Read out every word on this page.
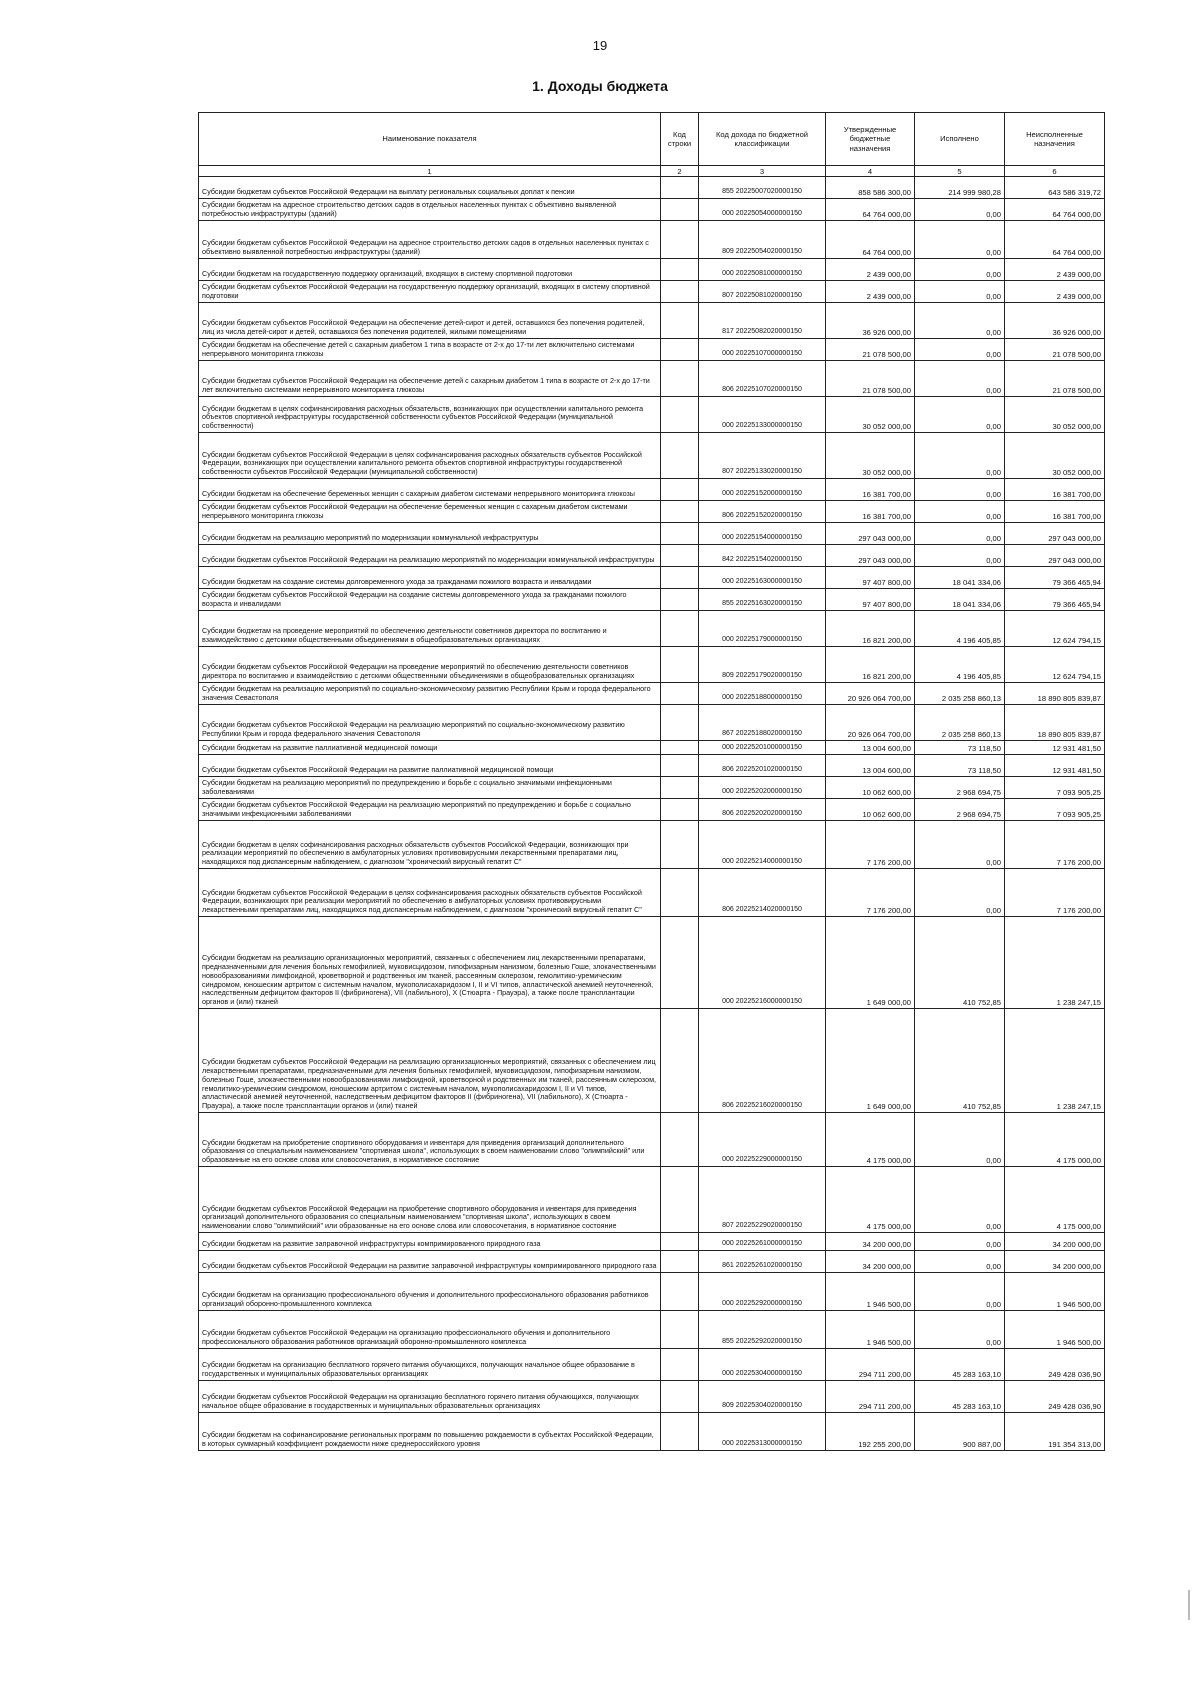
19
1. Доходы бюджета
Наименование показателя	Код строки	Код дохода по бюджетной классификации	Утвержденные бюджетные назначения	Исполнено	Неисполненные назначения
1	2	3	4	5	6
Субсидии бюджетам субъектов Российской Федерации на выплату региональных социальных доплат к пенсии		855 20225007020000150	858 586 300,00	214 999 980,28	643 586 319,72
Субсидии бюджетам на адресное строительство детских садов в отдельных населенных пунктах с объективно выявленной потребностью инфраструктуры (зданий)		000 20225054000000150	64 764 000,00	0,00	64 764 000,00
Субсидии бюджетам субъектов Российской Федерации на адресное строительство детских садов в отдельных населенных пунктах с объективно выявленной потребностью инфраструктуры (зданий)		809 20225054020000150	64 764 000,00	0,00	64 764 000,00
Субсидии бюджетам на государственную поддержку организаций, входящих в систему спортивной подготовки		000 20225081000000150	2 439 000,00	0,00	2 439 000,00
Субсидии бюджетам субъектов Российской Федерации на государственную поддержку организаций, входящих в систему спортивной подготовки		807 20225081020000150	2 439 000,00	0,00	2 439 000,00
Субсидии бюджетам субъектов Российской Федерации на обеспечение детей-сирот и детей, оставшихся без попечения родителей, лиц из числа детей-сирот и детей, оставшихся без попечения родителей, жилыми помещениями		817 20225082020000150	36 926 000,00	0,00	36 926 000,00
Субсидии бюджетам на обеспечение детей с сахарным диабетом 1 типа в возрасте от 2-х до 17-ти лет включительно системами непрерывного мониторинга глюкозы		000 20225107000000150	21 078 500,00	0,00	21 078 500,00
Субсидии бюджетам субъектов Российской Федерации на обеспечение детей с сахарным диабетом 1 типа в возрасте от 2-х до 17-ти лет включительно системами непрерывного мониторинга глюкозы		806 20225107020000150	21 078 500,00	0,00	21 078 500,00
Субсидии бюджетам в целях софинансирования расходных обязательств, возникающих при осуществлении капитального ремонта объектов спортивной инфраструктуры государственной собственности субъектов Российской Федерации (муниципальной собственности)		000 20225133000000150	30 052 000,00	0,00	30 052 000,00
Субсидии бюджетам субъектов Российской Федерации в целях софинансирования расходных обязательств субъектов Российской Федерации, возникающих при осуществлении капитального ремонта объектов спортивной инфраструктуры государственной собственности субъектов Российской Федерации (муниципальной собственности)		807 20225133020000150	30 052 000,00	0,00	30 052 000,00
Субсидии бюджетам на обеспечение беременных женщин с сахарным диабетом системами непрерывного мониторинга глюкозы		000 20225152000000150	16 381 700,00	0,00	16 381 700,00
Субсидии бюджетам субъектов Российской Федерации на обеспечение беременных женщин с сахарным диабетом системами непрерывного мониторинга глюкозы		806 20225152020000150	16 381 700,00	0,00	16 381 700,00
Субсидии бюджетам на реализацию мероприятий по модернизации коммунальной инфраструктуры		000 20225154000000150	297 043 000,00	0,00	297 043 000,00
Субсидии бюджетам субъектов Российской Федерации на реализацию мероприятий по модернизации коммунальной инфраструктуры		842 20225154020000150	297 043 000,00	0,00	297 043 000,00
Субсидии бюджетам на создание системы долговременного ухода за гражданами пожилого возраста и инвалидами		000 20225163000000150	97 407 800,00	18 041 334,06	79 366 465,94
Субсидии бюджетам субъектов Российской Федерации на создание системы долговременного ухода за гражданами пожилого возраста и инвалидами		855 20225163020000150	97 407 800,00	18 041 334,06	79 366 465,94
Субсидии бюджетам на проведение мероприятий по обеспечению деятельности советников директора по воспитанию и взаимодействию с детскими общественными объединениями в общеобразовательных организациях		000 20225179000000150	16 821 200,00	4 196 405,85	12 624 794,15
Субсидии бюджетам субъектов Российской Федерации на проведение мероприятий по обеспечению деятельности советников директора по воспитанию и взаимодействию с детскими общественными объединениями в общеобразовательных организациях		809 20225179020000150	16 821 200,00	4 196 405,85	12 624 794,15
Субсидии бюджетам на реализацию мероприятий по социально-экономическому развитию Республики Крым и города федерального значения Севастополя		000 20225188000000150	20 926 064 700,00	2 035 258 860,13	18 890 805 839,87
Субсидии бюджетам субъектов Российской Федерации на реализацию мероприятий по социально-экономическому развитию Республики Крым и города федерального значения Севастополя		867 20225188020000150	20 926 064 700,00	2 035 258 860,13	18 890 805 839,87
Субсидии бюджетам на развитие паллиативной медицинской помощи		000 20225201000000150	13 004 600,00	73 118,50	12 931 481,50
Субсидии бюджетам субъектов Российской Федерации на развитие паллиативной медицинской помощи		806 20225201020000150	13 004 600,00	73 118,50	12 931 481,50
Субсидии бюджетам на реализацию мероприятий по предупреждению и борьбе с социально значимыми инфекционными заболеваниями		000 20225202000000150	10 062 600,00	2 968 694,75	7 093 905,25
Субсидии бюджетам субъектов Российской Федерации на реализацию мероприятий по предупреждению и борьбе с социально значимыми инфекционными заболеваниями		806 20225202020000150	10 062 600,00	2 968 694,75	7 093 905,25
Субсидии бюджетам в целях софинансирования расходных обязательств субъектов Российской Федерации, возникающих при реализации мероприятий по обеспечению в амбулаторных условиях противовирусными лекарственными препаратами лиц, находящихся под диспансерным наблюдением, с диагнозом "хронический вирусный гепатит С"		000 20225214000000150	7 176 200,00	0,00	7 176 200,00
Субсидии бюджетам субъектов Российской Федерации в целях софинансирования расходных обязательств субъектов Российской Федерации, возникающих при реализации мероприятий по обеспечению в амбулаторных условиях противовирусными лекарственными препаратами лиц, находящихся под диспансерным наблюдением, с диагнозом "хронический вирусный гепатит С"		806 20225214020000150	7 176 200,00	0,00	7 176 200,00
Субсидии бюджетам на реализацию организационных мероприятий, связанных с обеспечением лиц лекарственными препаратами, предназначенными для лечения больных гемофилией, муковисцидозом, гипофизарным нанизмом, болезнью Гоше, злокачественными новообразованиями лимфоидной, кроветворной и родственных им тканей, рассеянным склерозом, гемолитико-уремическим синдромом, юношеским артритом с системным началом, мукополисахаридозом I, II и VI типов, апластической анемией неуточненной, наследственным дефицитом факторов II (фибриногена), VII (лабильного), X (Стюарта - Прауэра), а также после трансплантации органов и (или) тканей		000 20225216000000150	1 649 000,00	410 752,85	1 238 247,15
Субсидии бюджетам субъектов Российской Федерации на реализацию организационных мероприятий, связанных с обеспечением лиц лекарственными препаратами, предназначенными для лечения больных гемофилией, муковисцидозом, гипофизарным нанизмом, болезнью Гоше, злокачественными новообразованиями лимфоидной, кроветворной и родственных им тканей, рассеянным склерозом, гемолитико-уремическим синдромом, юношеским артритом с системным началом, мукополисахаридозом I, II и VI типов, апластической анемией неуточненной, наследственным дефицитом факторов II (фибриногена), VII (лабильного), X (Стюарта - Прауэра), а также после трансплантации органов и (или) тканей		806 20225216020000150	1 649 000,00	410 752,85	1 238 247,15
Субсидии бюджетам на приобретение спортивного оборудования и инвентаря для приведения организаций дополнительного образования со специальным наименованием "спортивная школа", использующих в своем наименовании слово "олимпийский" или образованные на его основе слова или словосочетания, в нормативное состояние		000 20225229000000150	4 175 000,00	0,00	4 175 000,00
Субсидии бюджетам субъектов Российской Федерации на приобретение спортивного оборудования и инвентаря для приведения организаций дополнительного образования со специальным наименованием "спортивная школа", использующих в своем наименовании слово "олимпийский" или образованные на его основе слова или словосочетания, в нормативное состояние		807 20225229020000150	4 175 000,00	0,00	4 175 000,00
Субсидии бюджетам на развитие заправочной инфраструктуры компримированного природного газа		000 20225261000000150	34 200 000,00	0,00	34 200 000,00
Субсидии бюджетам субъектов Российской Федерации на развитие заправочной инфраструктуры компримированного природного газа		861 20225261020000150	34 200 000,00	0,00	34 200 000,00
Субсидии бюджетам на организацию профессионального обучения и дополнительного профессионального образования работников организаций оборонно-промышленного комплекса		000 20225292000000150	1 946 500,00	0,00	1 946 500,00
Субсидии бюджетам субъектов Российской Федерации на организацию профессионального обучения и дополнительного профессионального образования работников организаций оборонно-промышленного комплекса		855 20225292020000150	1 946 500,00	0,00	1 946 500,00
Субсидии бюджетам на организацию бесплатного горячего питания обучающихся, получающих начальное общее образование в государственных и муниципальных образовательных организациях		000 20225304000000150	294 711 200,00	45 283 163,10	249 428 036,90
Субсидии бюджетам субъектов Российской Федерации на организацию бесплатного горячего питания обучающихся, получающих начальное общее образование в государственных и муниципальных образовательных организациях		809 20225304020000150	294 711 200,00	45 283 163,10	249 428 036,90
Субсидии бюджетам на софинансирование региональных программ по повышению рождаемости в субъектах Российской Федерации, в которых суммарный коэффициент рождаемости ниже среднероссийского уровня		000 20225313000000150	192 255 200,00	900 887,00	191 354 313,00
